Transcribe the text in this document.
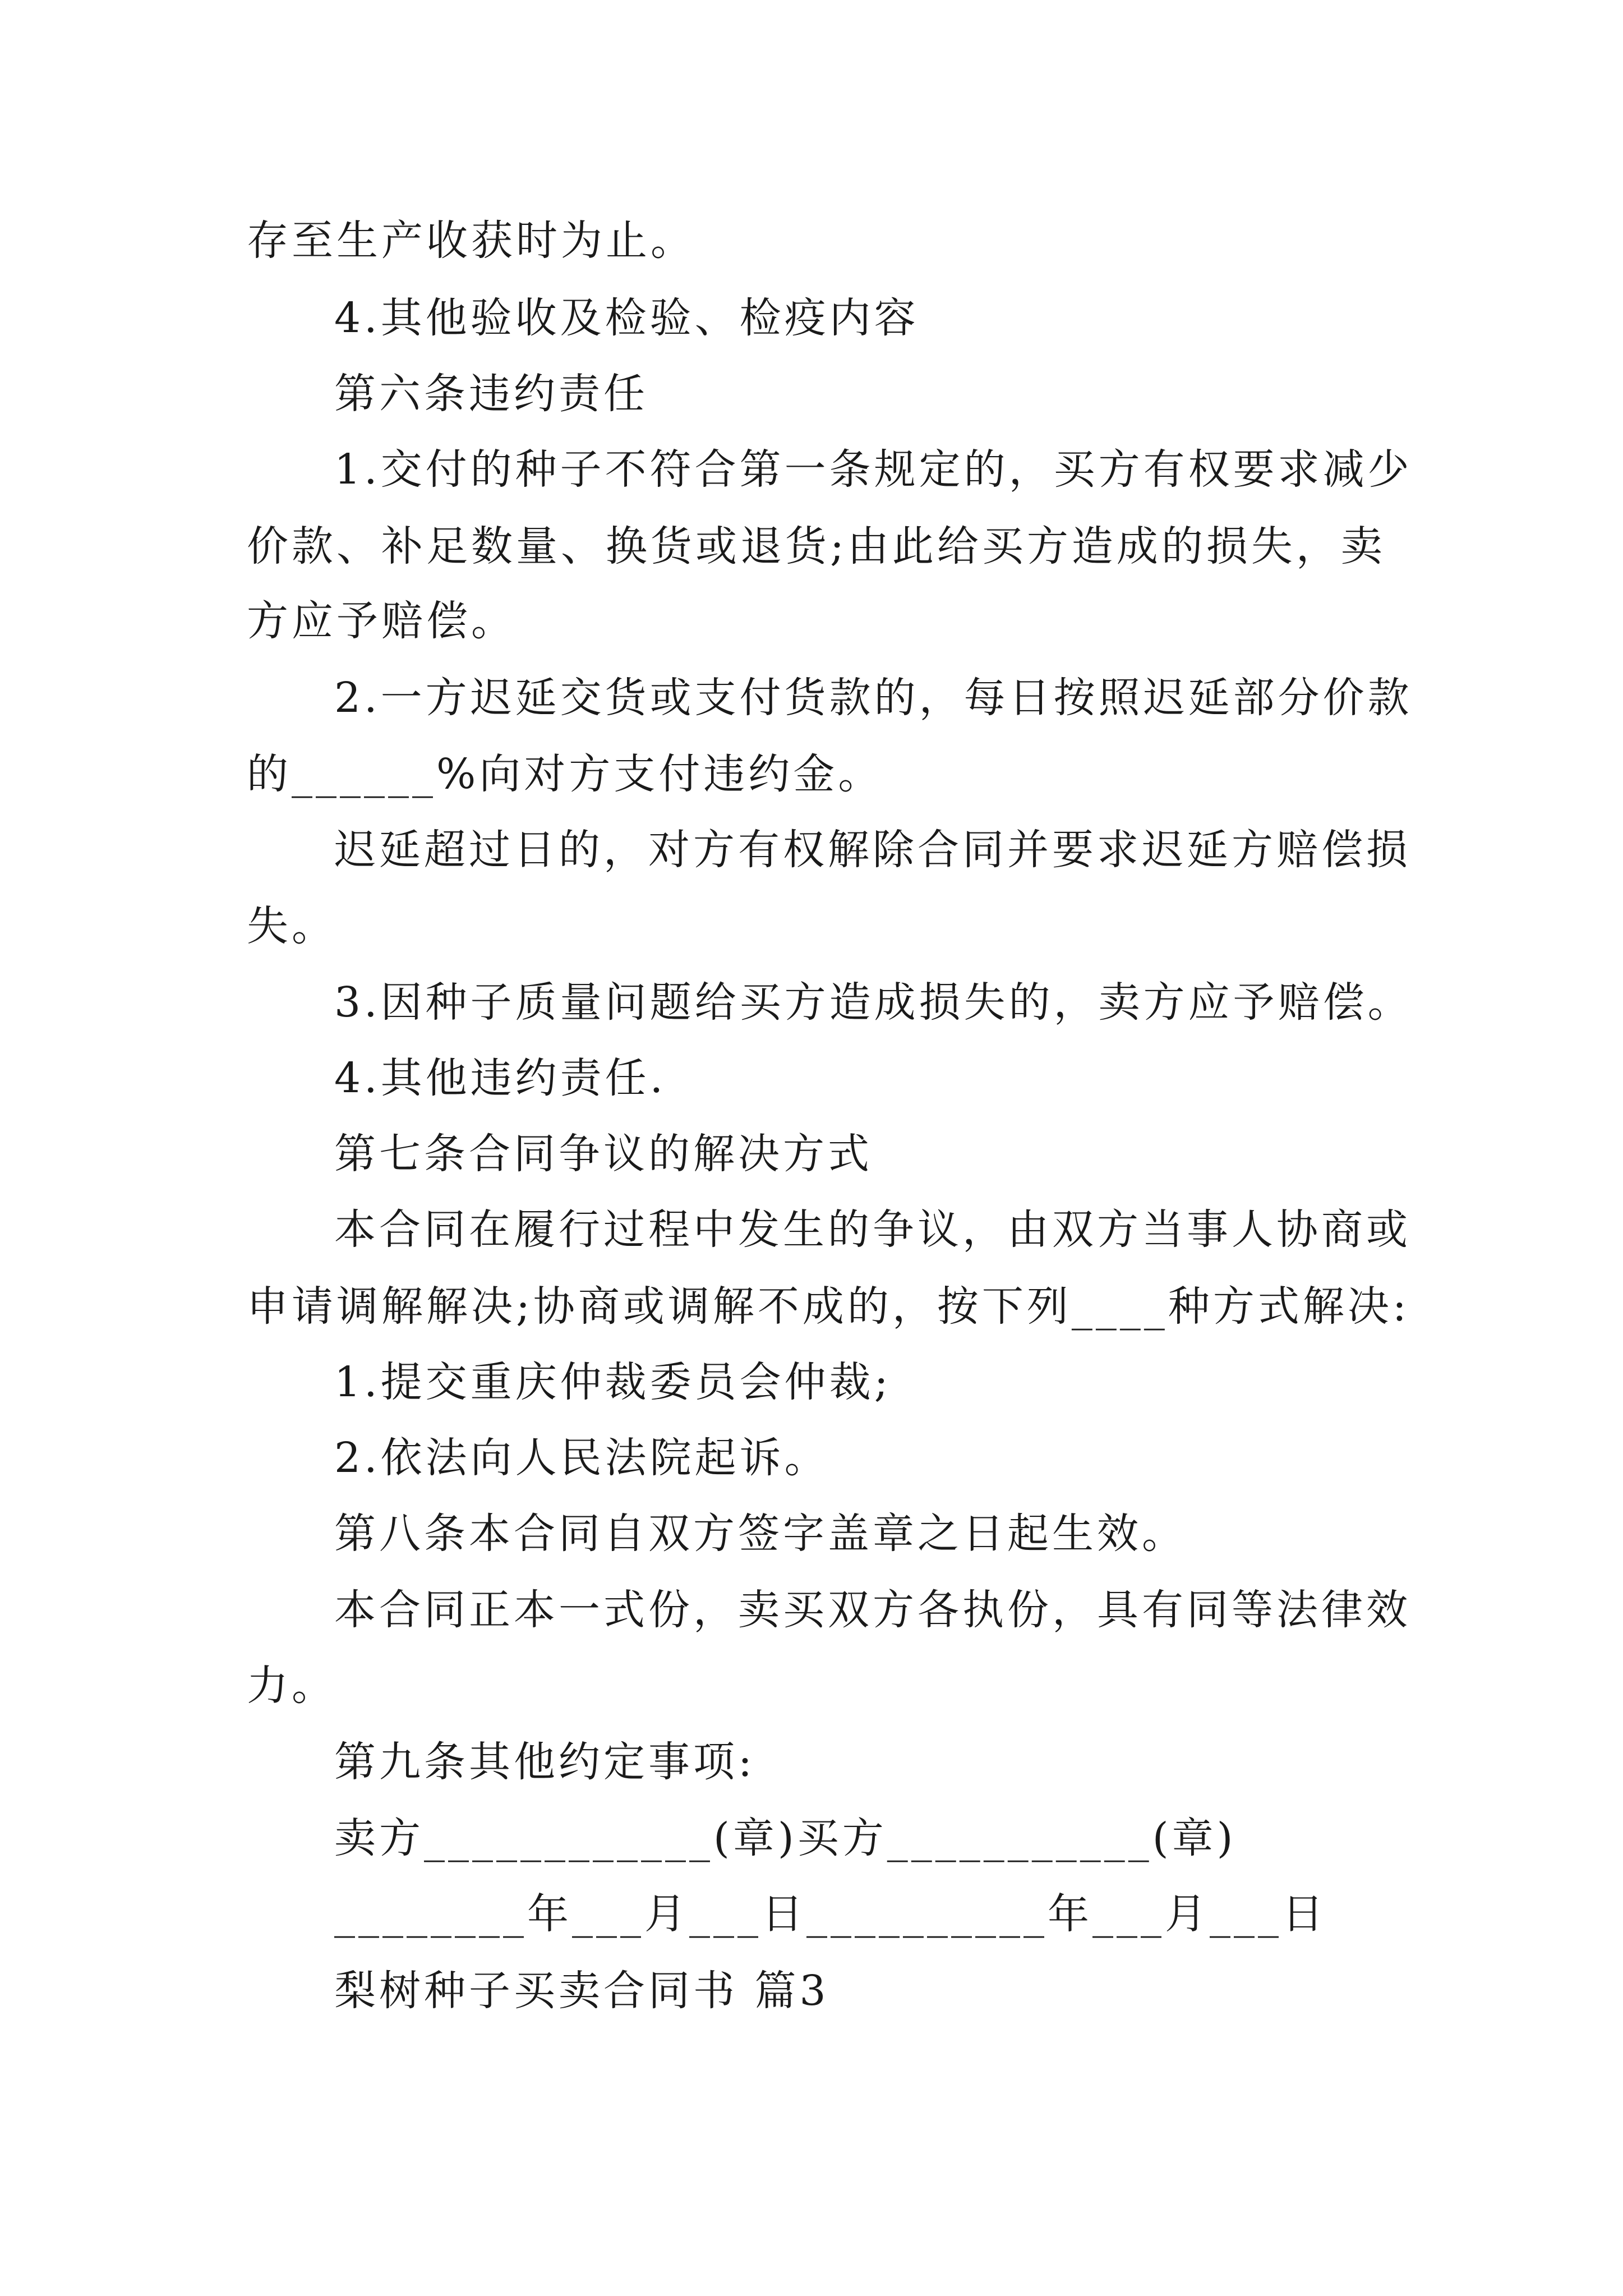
存至生产收获时为止。
4.其他验收及检验、检疫内容
第六条违约责任
1.交付的种子不符合第一条规定的，买方有权要求减少
价款、补足数量、换货或退货;由此给买方造成的损失，卖
方应予赔偿。
2.一方迟延交货或支付货款的，每日按照迟延部分价款
的______%向对方支付违约金。
迟延超过日的，对方有权解除合同并要求迟延方赔偿损
失。
3.因种子质量问题给买方造成损失的，卖方应予赔偿。
4.其他违约责任.
第七条合同争议的解决方式
本合同在履行过程中发生的争议，由双方当事人协商或
申请调解解决;协商或调解不成的，按下列____种方式解决:
1.提交重庆仲裁委员会仲裁;
2.依法向人民法院起诉。
第八条本合同自双方签字盖章之日起生效。
本合同正本一式份，卖买双方各执份，具有同等法律效
力。
第九条其他约定事项:
卖方____________(章)买方___________(章)
________年___月___日__________年___月___日
梨树种子买卖合同书 篇3
